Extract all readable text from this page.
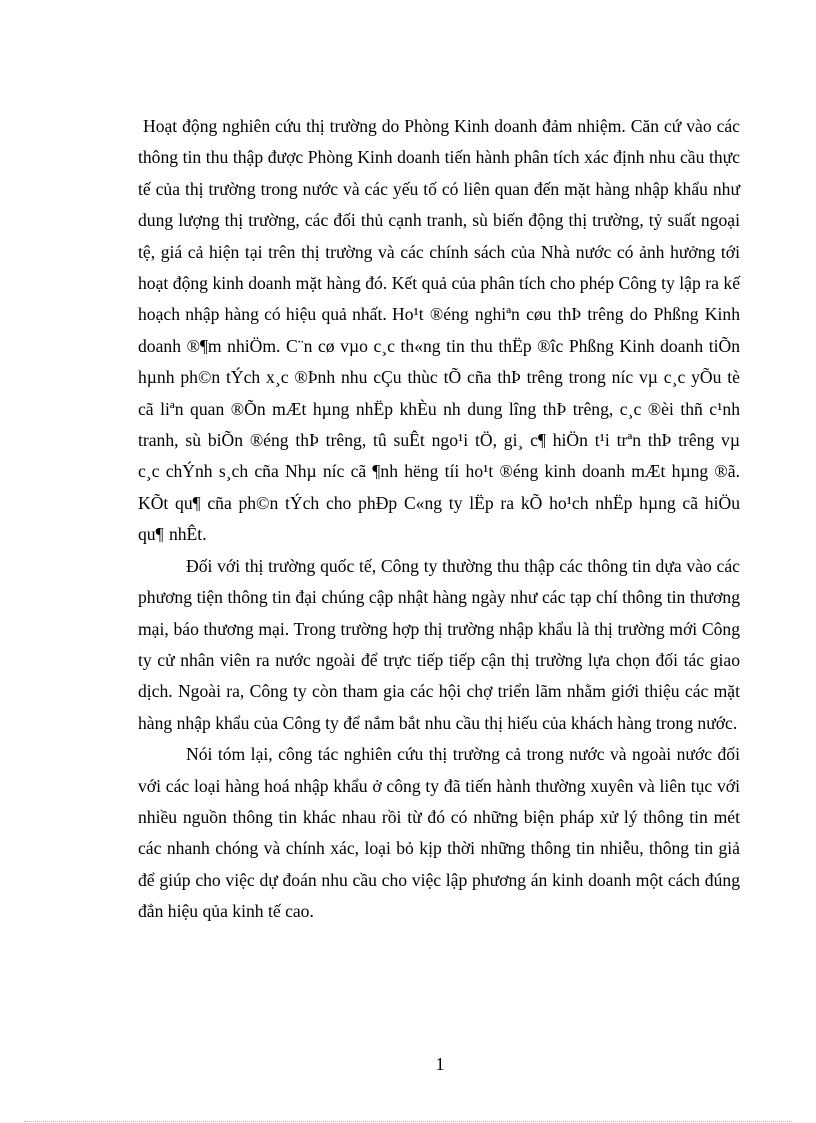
Hoạt động nghiên cứu thị trường do Phòng Kinh doanh đảm nhiệm. Căn cứ vào các thông tin thu thập được Phòng Kinh doanh tiến hành phân tích xác định nhu cầu thực tế của thị trường trong nước và các yếu tố có liên quan đến mặt hàng nhập khẩu như dung lượng thị trường, các đối thủ cạnh tranh, sù biến động thị trường, tỷ suất ngoại tệ, giá cả hiện tại trên thị trường và các chính sách của Nhà nước có ảnh hưởng tới hoạt động kinh doanh mặt hàng đó. Kết quả của phân tích cho phép Công ty lập ra kế hoạch nhập hàng có hiệu quả nhất. Ho¹t ®éng nghiªn cøu thÞ trêng do Phßng Kinh doanh ®¶m nhiÖm. C¨n cø vµo c¸c th«ng tin thu thËp ®îc Phßng Kinh doanh tiÕn hµnh ph©n tÝch x¸c ®Þnh nhu cÇu thùc tÕ cña thÞ trêng trong níc vµ c¸c yÕu tè cã liªn quan ®Õn mÆt hµng nhËp khÈu nh dung lîng thÞ trêng, c¸c ®èi thñ c¹nh tranh, sù biÕn ®éng thÞ trêng, tû suÊt ngo¹i tÖ, gi¸ c¶ hiÖn t¹i trªn thÞ trêng vµ c¸c chÝnh s¸ch cña Nhµ níc cã ¶nh hëng tíi ho¹t ®éng kinh doanh mÆt hµng ®ã. KÕt qu¶ cña ph©n tÝch cho phÐp C«ng ty lËp ra kÕ ho¹ch nhËp hµng cã hiÖu qu¶ nhÊt.

Đối với thị trường quốc tế, Công ty thường thu thập các thông tin dựa vào các phương tiện thông tin đại chúng cập nhật hàng ngày như các tạp chí thông tin thương mại, báo thương mại. Trong trường hợp thị trường nhập khẩu là thị trường mới Công ty cử nhân viên ra nước ngoài để trực tiếp tiếp cận thị trường lựa chọn đối tác giao dịch. Ngoài ra, Công ty còn tham gia các hội chợ triển lãm nhằm giới thiệu các mặt hàng nhập khẩu của Công ty để nắm bắt nhu cầu thị hiếu của khách hàng trong nước.

Nói tóm lại, công tác nghiên cứu thị trường cả trong nước và ngoài nước đối với các loại hàng hoá nhập khẩu ở công ty đã tiến hành thường xuyên và liên tục với nhiều nguồn thông tin khác nhau rồi từ đó có những biện pháp xử lý thông tin mét các nhanh chóng và chính xác, loại bỏ kịp thời những thông tin nhiễu, thông tin giả để giúp cho việc dự đoán nhu cầu cho việc lập phương án kinh doanh một cách đúng đắn hiệu qủa kinh tế cao.

1
